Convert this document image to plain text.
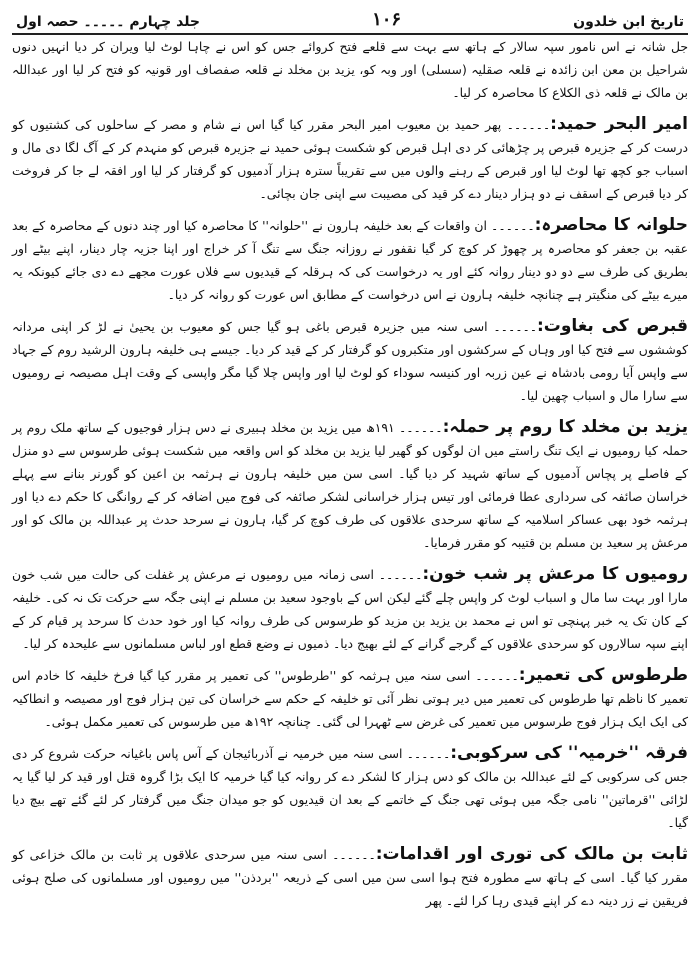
تاریخ ابن خلدون
۱۰۶
جلد چہارم ۔۔۔۔۔ حصہ اول

جل شانہ نے اس نامور سپہ سالار کے ہاتھ سے بہت سے قلعے فتح کروائے جس کو اس نے چاہا لوٹ لیا ویران کر دیا انہیں دنوں شراحیل بن معن ابن زائدہ نے قلعہ صقلیہ (سسلی) اور وبہ کو، یزید بن مخلد نے قلعہ صفصاف اور قونیہ کو فتح کر لیا اور عبداللہ بن مالک نے قلعہ ذی الکلاع کا محاصرہ کر لیا۔

امیر البحر حمید:۔۔۔۔۔۔ پھر حمید بن معیوب امیر البحر مقرر کیا گیا اس نے شام و مصر کے ساحلوں کی کشتیوں کو درست کر کے جزیرہ قبرص پر چڑھائی کر دی اہل قبرص کو شکست ہوئی حمید نے جزیرہ قبرص کو منہدم کر کے آگ لگا دی مال و اسباب جو کچھ تھا لوٹ لیا اور قبرص کے رہنے والوں میں سے تقریباً سترہ ہزار آدمیوں کو گرفتار کر لیا اور افقہ لے جا کر فروخت کر دیا قبرص کے اسقف نے دو ہزار دینار دے کر قید کی مصیبت سے اپنی جان بچائی۔

حلوانہ کا محاصرہ:۔۔۔۔۔۔ ان واقعات کے بعد خلیفہ ہارون نے ''حلوانہ'' کا محاصرہ کیا اور چند دنوں کے محاصرہ کے بعد عقبہ بن جعفر کو محاصرہ پر چھوڑ کر کوچ کر گیا نقفور نے روزانہ جنگ سے تنگ آ کر خراج اور اپنا جزیہ چار دینار، اپنے بیٹے اور بطریق کی طرف سے دو دو دینار روانہ کئے اور یہ درخواست کی کہ ہرقلہ کے قیدیوں سے فلاں عورت مجھے دے دی جائے کیونکہ یہ میرے بیٹے کی منگیتر ہے چنانچہ خلیفہ ہارون نے اس درخواست کے مطابق اس عورت کو روانہ کر دیا۔

قبرص کی بغاوت:۔۔۔۔۔۔ اسی سنہ میں جزیرہ قبرص باغی ہو گیا جس کو معیوب بن یحییٰ نے لڑ کر اپنی مردانہ کوششوں سے فتح کیا اور وہاں کے سرکشوں اور متکبروں کو گرفتار کر کے قید کر دیا۔ جیسے ہی خلیفہ ہارون الرشید روم کے جہاد سے واپس آیا رومی بادشاہ نے عین زربہ اور کنیسہ سوداء کو لوٹ لیا اور واپس چلا گیا مگر واپسی کے وقت اہل مصیصہ نے رومیوں سے سارا مال و اسباب چھین لیا۔

یزید بن مخلد کا روم پر حملہ:۔۔۔۔۔۔ ۱۹۱ھ میں یزید بن مخلد ہبیری نے دس ہزار فوجیوں کے ساتھ ملک روم پر حملہ کیا رومیوں نے ایک تنگ راستے میں ان لوگوں کو گھیر لیا یزید بن مخلد کو اس واقعہ میں شکست ہوئی طرسوس سے دو منزل کے فاصلے پر پچاس آدمیوں کے ساتھ شہید کر دیا گیا۔ اسی سن میں خلیفہ ہارون نے ہرثمہ بن اعین کو گورنر بنانے سے پہلے خراسان صائفہ کی سرداری عطا فرمائی اور تیس ہزار خراسانی لشکر صائفہ کی فوج میں اضافہ کر کے روانگی کا حکم دے دیا اور ہرثمہ خود بھی عساکر اسلامیہ کے ساتھ سرحدی علاقوں کی طرف کوچ کر گیا، ہارون نے سرحد حدث پر عبداللہ بن مالک کو اور مرعش پر سعید بن مسلم بن قتیبہ کو مقرر فرمایا۔

رومیوں کا مرعش پر شب خون:۔۔۔۔۔۔ اسی زمانہ میں رومیوں نے مرعش پر غفلت کی حالت میں شب خون مارا اور بہت سا مال و اسباب لوٹ کر واپس چلے گئے لیکن اس کے باوجود سعید بن مسلم نے اپنی جگہ سے حرکت تک نہ کی۔ خلیفہ کے کان تک یہ خبر پہنچی تو اس نے محمد بن یزید بن مزید کو طرسوس کی طرف روانہ کیا اور خود حدث کا سرحد پر قیام کر کے اپنے سپہ سالاروں کو سرحدی علاقوں کے گرجے گرانے کے لئے بھیج دیا۔ ذمیوں نے وضع قطع اور لباس مسلمانوں سے علیحدہ کر لیا۔

طرطوس کی تعمیر:۔۔۔۔۔۔ اسی سنہ میں ہرثمہ کو ''طرطوس'' کی تعمیر پر مقرر کیا گیا فرخ خلیفہ کا خادم اس تعمیر کا ناظم تھا طرطوس کی تعمیر میں دیر ہوتی نظر آئی تو خلیفہ کے حکم سے خراسان کی تین ہزار فوج اور مصیصہ و انطاکیہ کی ایک ایک ہزار فوج طرسوس میں تعمیر کی غرض سے ٹھہرا لی گئی۔ چنانچہ ۱۹۲ھ میں طرسوس کی تعمیر مکمل ہوئی۔

فرقہ ''خرمیہ'' کی سرکوبی:۔۔۔۔۔۔ اسی سنہ میں خرمیہ نے آذربائیجان کے آس پاس باغیانہ حرکت شروع کر دی جس کی سرکوبی کے لئے عبداللہ بن مالک کو دس ہزار کا لشکر دے کر روانہ کیا گیا خرمیہ کا ایک بڑا گروہ قتل اور قید کر لیا گیا یہ لڑائی ''قرماتین'' نامی جگہ میں ہوئی تھی جنگ کے خاتمے کے بعد ان قیدیوں کو جو میدان جنگ میں گرفتار کر لئے گئے تھے بیچ دیا گیا۔

ثابت بن مالک کی توری اور اقدامات:۔۔۔۔۔۔ اسی سنہ میں سرحدی علاقوں پر ثابت بن مالک خزاعی کو مقرر کیا گیا۔ اسی کے ہاتھ سے مطورہ فتح ہوا اسی سن میں اسی کے ذریعہ ''بردذن'' میں رومیوں اور مسلمانوں کی صلح ہوئی فریقین نے زر دینہ دے کر اپنے قیدی رہا کرا لئے۔ پھر
